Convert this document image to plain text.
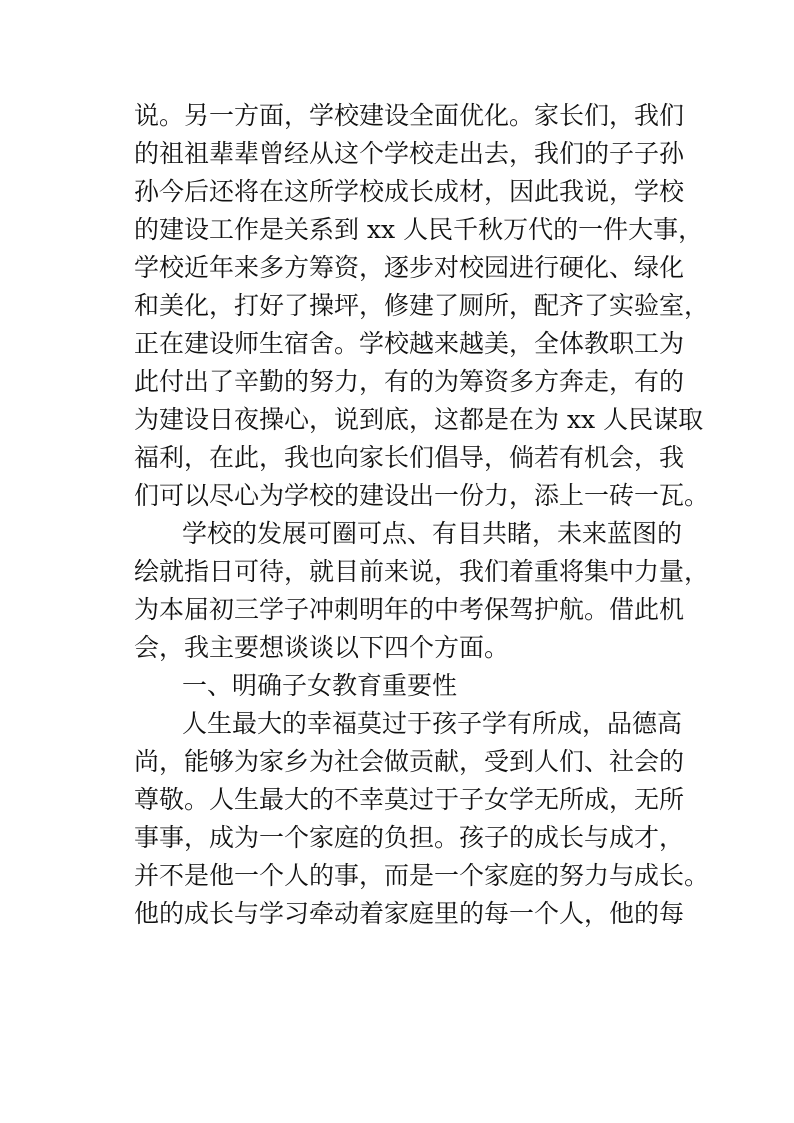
说。另一方面，学校建设全面优化。家长们，我们
的祖祖辈辈曾经从这个学校走出去，我们的子子孙
孙今后还将在这所学校成长成材，因此我说，学校
的建设工作是关系到 xx 人民千秋万代的一件大事，
学校近年来多方筹资，逐步对校园进行硬化、绿化
和美化，打好了操坪，修建了厕所，配齐了实验室，
正在建设师生宿舍。学校越来越美，全体教职工为
此付出了辛勤的努力，有的为筹资多方奔走，有的
为建设日夜操心，说到底，这都是在为 xx 人民谋取
福利，在此，我也向家长们倡导，倘若有机会，我
们可以尽心为学校的建设出一份力，添上一砖一瓦。
学校的发展可圈可点、有目共睹，未来蓝图的
绘就指日可待，就目前来说，我们着重将集中力量，
为本届初三学子冲刺明年的中考保驾护航。借此机
会，我主要想谈谈以下四个方面。
一、明确子女教育重要性
人生最大的幸福莫过于孩子学有所成，品德高
尚，能够为家乡为社会做贡献，受到人们、社会的
尊敬。人生最大的不幸莫过于子女学无所成，无所
事事，成为一个家庭的负担。孩子的成长与成才，
并不是他一个人的事，而是一个家庭的努力与成长。
他的成长与学习牵动着家庭里的每一个人，他的每
